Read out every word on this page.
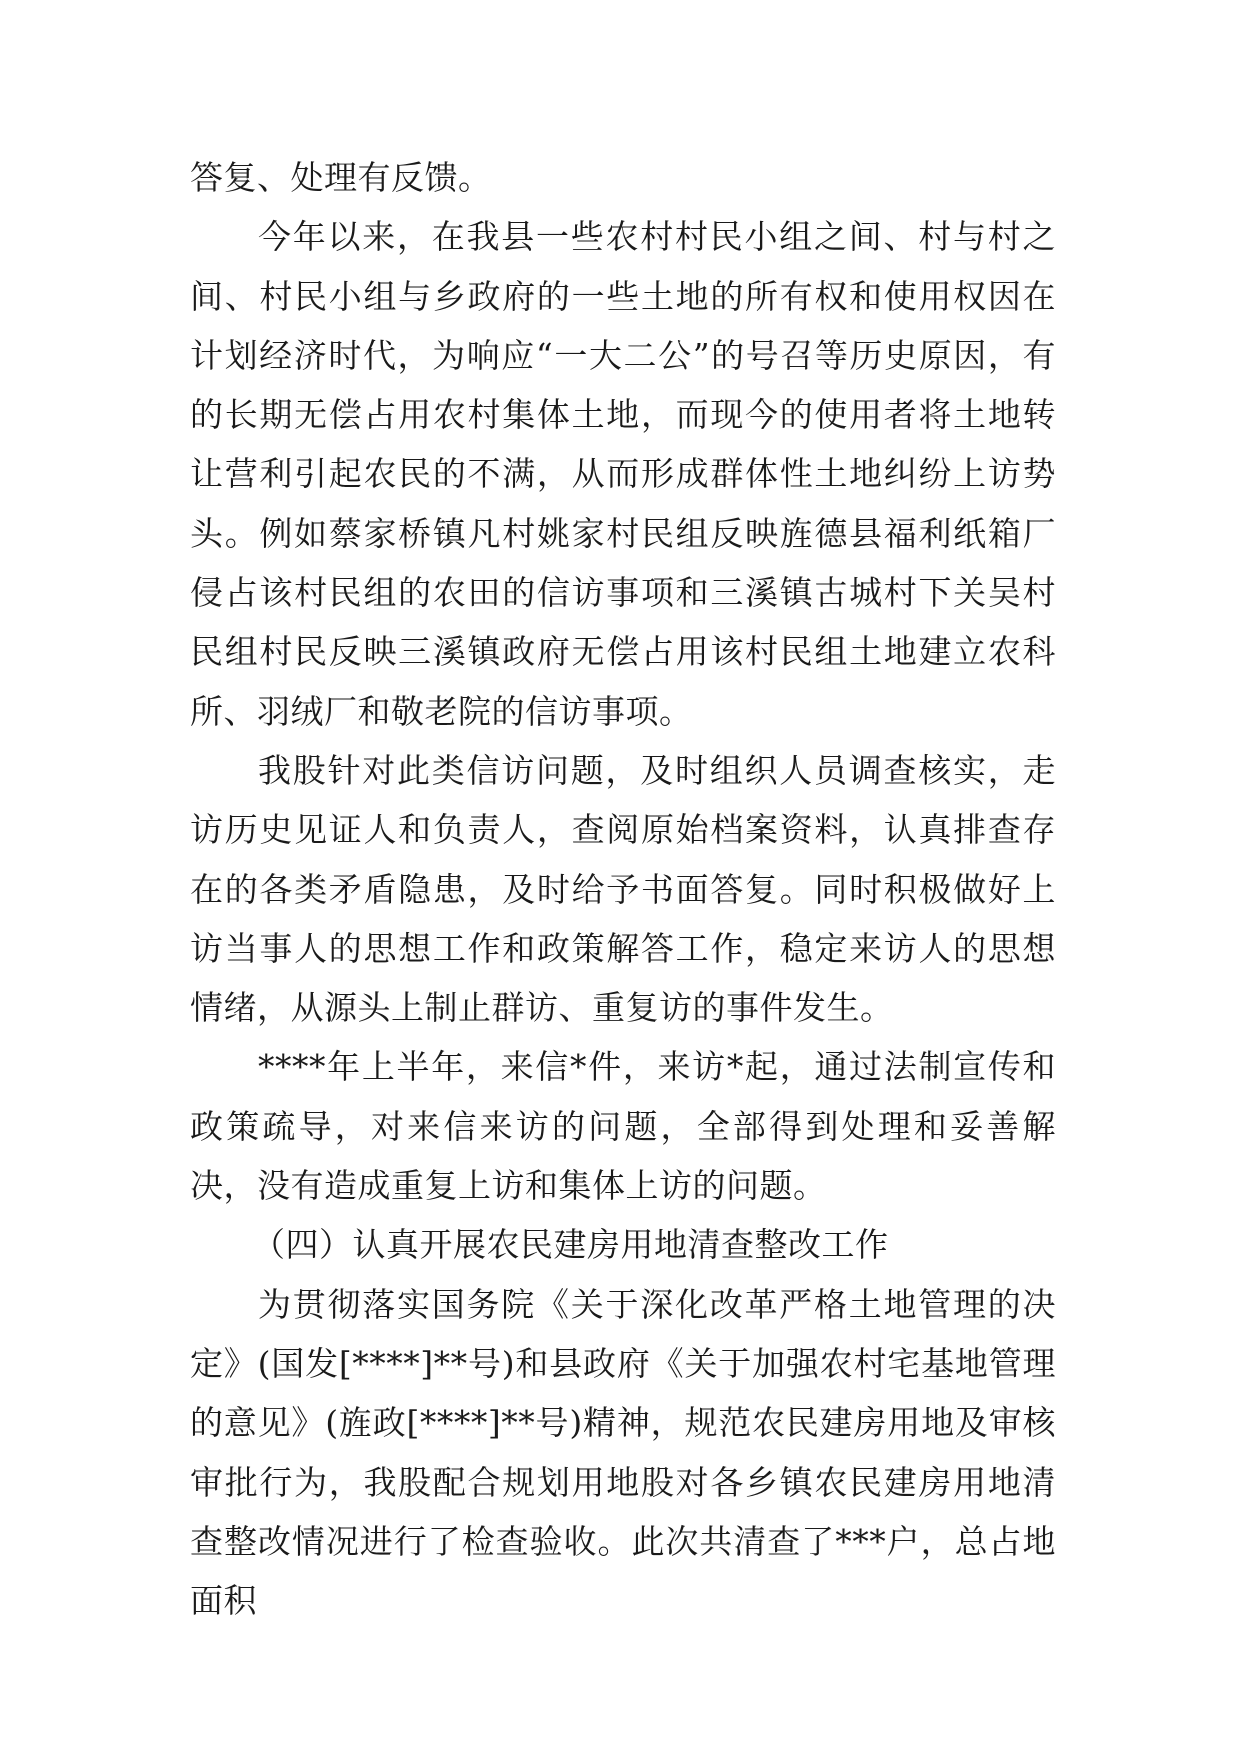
答复、处理有反馈。

今年以来，在我县一些农村村民小组之间、村与村之间、村民小组与乡政府的一些土地的所有权和使用权因在计划经济时代，为响应“一大二公”的号召等历史原因，有的长期无偿占用农村集体土地，而现今的使用者将土地转让营利引起农民的不满，从而形成群体性土地纠纷上访势头。例如蔡家桥镇凡村姚家村民组反映旌德县福利纸箱厂侵占该村民组的农田的信访事项和三溪镇古城村下关吴村民组村民反映三溪镇政府无偿占用该村民组土地建立农科所、羽绒厂和敬老院的信访事项。

我股针对此类信访问题，及时组织人员调查核实，走访历史见证人和负责人，查阅原始档案资料，认真排查存在的各类矛盾隐患，及时给予书面答复。同时积极做好上访当事人的思想工作和政策解答工作，稳定来访人的思想情绪，从源头上制止群访、重复访的事件发生。

****年上半年，来信*件，来访*起，通过法制宣传和政策疏导，对来信来访的问题，全部得到处理和妥善解决，没有造成重复上访和集体上访的问题。

（四）认真开展农民建房用地清查整改工作

为贯彻落实国务院《关于深化改革严格土地管理的决定》(国发[****]**号)和县政府《关于加强农村宅基地管理的意见》(旌政[****]**号)精神，规范农民建房用地及审核审批行为，我股配合规划用地股对各乡镇农民建房用地清查整改情况进行了检查验收。此次共清查了***户，总占地面积
